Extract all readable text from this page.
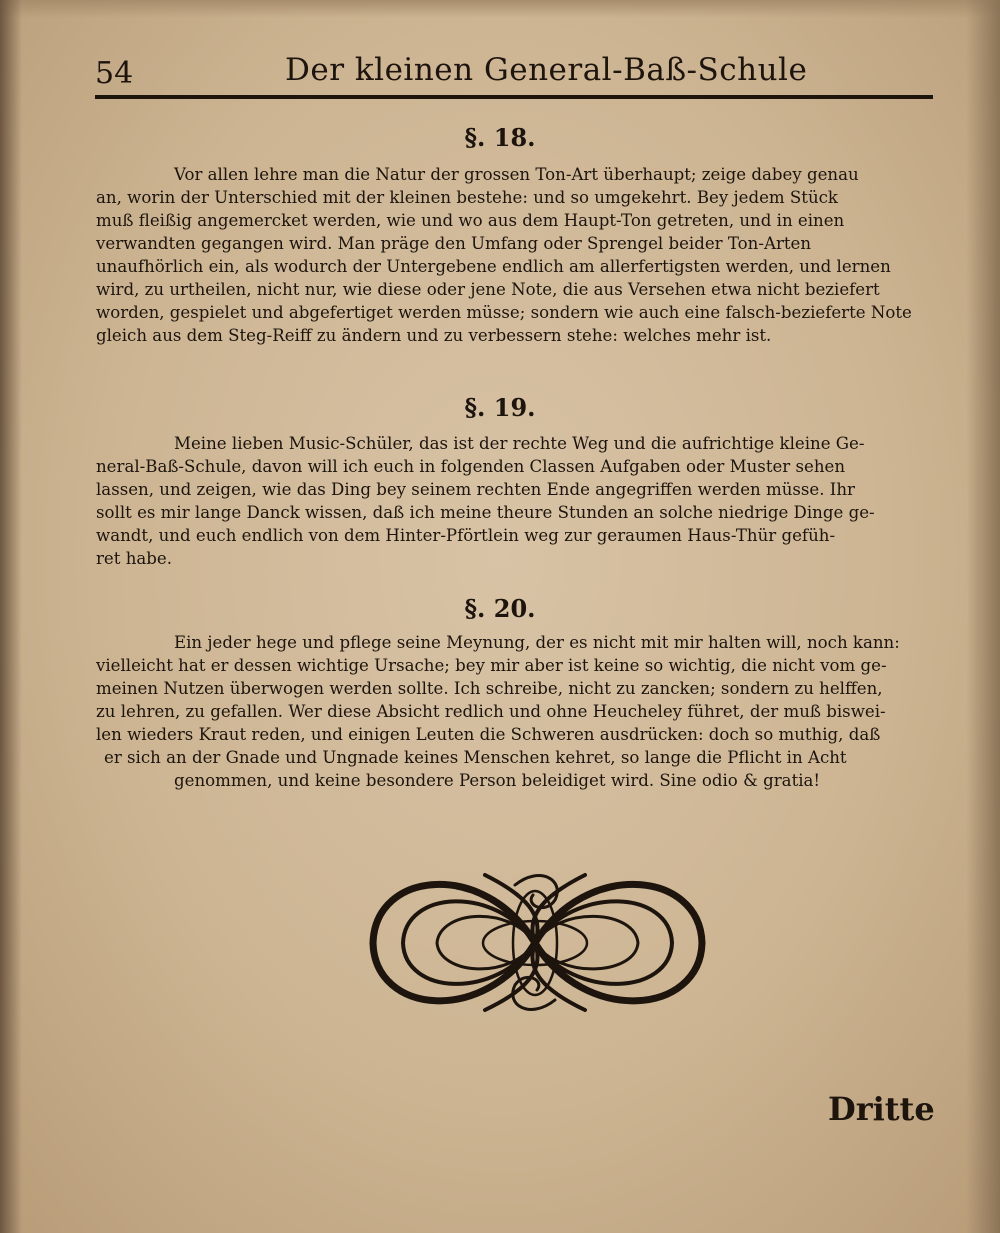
54	Der kleinen General-Baß-Schule
§. 18.
Vor allen lehre man die Natur der grossen Ton-Art überhaupt; zeige dabey genau
an, worin der Unterschied mit der kleinen bestehe: und so umgekehrt. Bey jedem Stück
muß fleißig angemercket werden, wie und wo aus dem Haupt-Ton getreten, und in einen
verwandten gegangen wird. Man präge den Umfang oder Sprengel beider Ton-Arten
unaufhörlich ein, als wodurch der Untergebene endlich am allerfertigsten werden, und lernen
wird, zu urtheilen, nicht nur, wie diese oder jene Note, die aus Versehen etwa nicht beziefert
worden, gespielet und abgefertiget werden müsse; sondern wie auch eine falsch-bezieferte Note
gleich aus dem Steg-Reiff zu ändern und zu verbessern stehe: welches mehr ist.
§. 19.
Meine lieben Music-Schüler, das ist der rechte Weg und die aufrichtige kleine Ge-
neral-Baß-Schule, davon will ich euch in folgenden Classen Aufgaben oder Muster sehen
lassen, und zeigen, wie das Ding bey seinem rechten Ende angegriffen werden müsse. Ihr
sollt es mir lange Danck wissen, daß ich meine theure Stunden an solche niedrige Dinge ge-
wandt, und euch endlich von dem Hinter-Pförtlein weg zur geraumen Haus-Thür gefüh-
ret habe.
§. 20.
Ein jeder hege und pflege seine Meynung, der es nicht mit mir halten will, noch kann:
vielleicht hat er dessen wichtige Ursache; bey mir aber ist keine so wichtig, die nicht vom ge-
meinen Nutzen überwogen werden sollte. Ich schreibe, nicht zu zancken; sondern zu helffen,
zu lehren, zu gefallen. Wer diese Absicht redlich und ohne Heucheley führet, der muß biswei-
len wieders Kraut reden, und einigen Leuten die Schweren ausdrücken: doch so muthig, daß
er sich an der Gnade und Ungnade keines Menschen kehret, so lange die Pflicht in Acht
genommen, und keine besondere Person beleidiget wird. Sine odio & gratia!
Dritte
